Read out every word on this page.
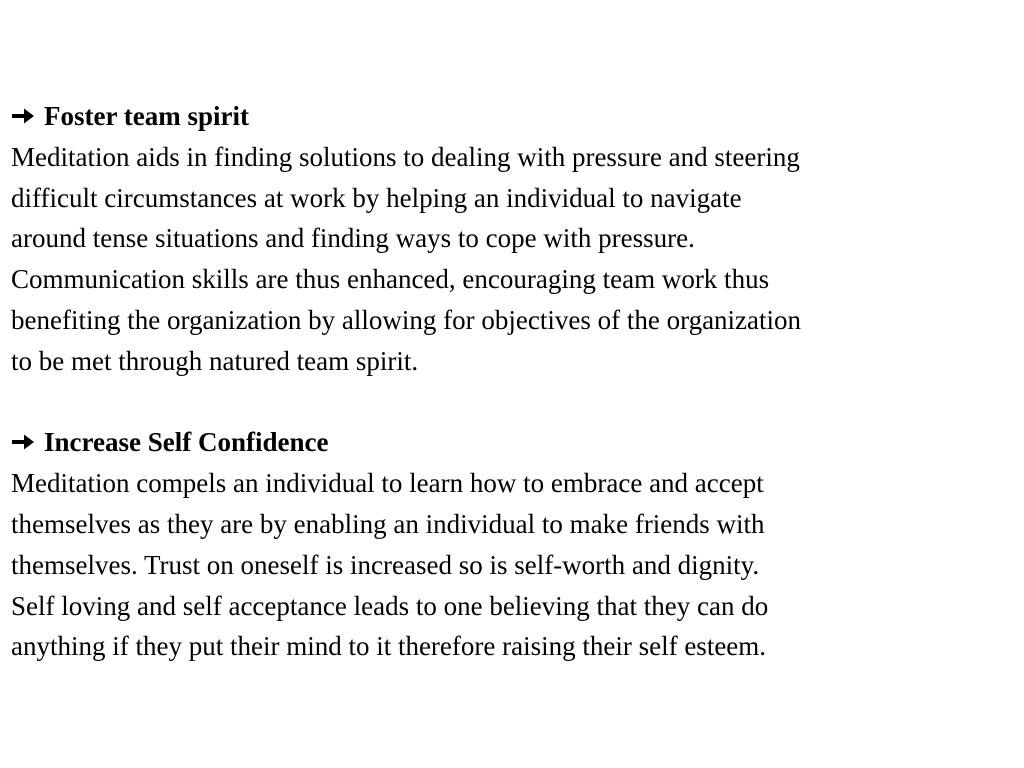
Foster team spirit
Meditation aids in finding solutions to dealing with pressure and steering
difficult circumstances at work by helping an individual to navigate
around tense situations and finding ways to cope with pressure.
Communication skills are thus enhanced, encouraging team work thus
benefiting the organization by allowing for objectives of the organization
to be met through natured team spirit.
Increase Self Confidence
Meditation compels an individual to learn how to embrace and accept
themselves as they are by enabling an individual to make friends with
themselves. Trust on oneself is increased so is self-worth and dignity.
Self loving and self acceptance leads to one believing that they can do
anything if they put their mind to it therefore raising their self esteem.
